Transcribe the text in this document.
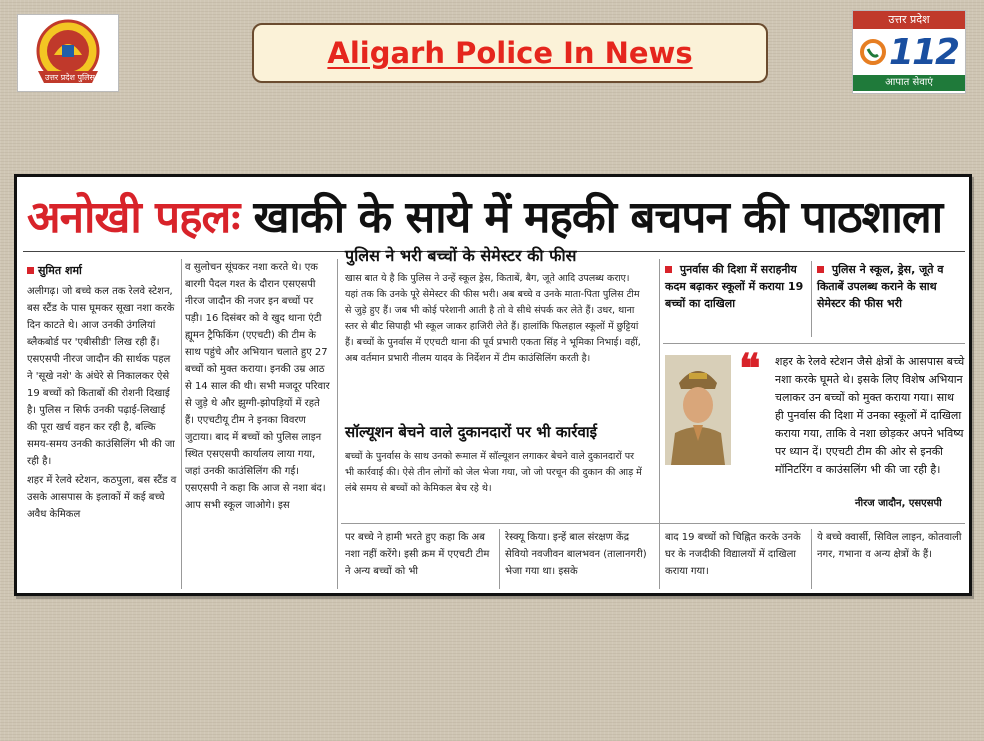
उत्तर प्रदेश पुलिस
Aligarh Police In News
उत्तर प्रदेश
112
आपात सेवाएं
अनोखी पहलः खाकी के साये में महकी बचपन की पाठशाला
सुमित शर्मा

अलीगढ़। जो बच्चे कल तक रेलवे स्टेशन, बस स्टैंड के पास घूमकर सूखा नशा करके दिन काटते थे। आज उनकी उंगलियां ब्लैकबोर्ड पर 'एबीसीडी' लिख रही हैं। एसएसपी नीरज जादौन की सार्थक पहल ने 'सूखे नशे' के अंधेरे से निकालकर ऐसे 19 बच्चों को किताबों की रोशनी दिखाई है। पुलिस न सिर्फ उनकी पढ़ाई-लिखाई की पूरा खर्च वहन कर रही है, बल्कि समय-समय उनकी काउंसिलिंग भी की जा रही है।

शहर में रेलवे स्टेशन, कठपुला, बस स्टैंड व उसके आसपास के इलाकों में कई बच्चे अवैध केमिकल

व सुलोचन सूंघकर नशा करते थे। एक बारगी पैदल गश्त के दौरान एसएसपी नीरज जादौन की नजर इन बच्चों पर पड़ी। 16 दिसंबर को वे खुद थाना एंटी ह्यूमन ट्रैफिकिंग (एएचटी) की टीम के साथ पहुंचे और अभियान चलाते हुए 27 बच्चों को मुक्त कराया। इनकी उम्र आठ से 14 साल की थी। सभी मजदूर परिवार से जुड़े थे और झुग्गी-झोपड़ियों में रहते हैं। एएचटीयू टीम ने इनका विवरण जुटाया। बाद में बच्चों को पुलिस लाइन स्थित एसएसपी कार्यालय लाया गया, जहां उनकी काउंसिलिंग की गई। एसएसपी ने कहा कि आज से नशा बंद। आप सभी स्कूल जाओगे। इस

पुलिस ने भरी बच्चों के सेमेस्टर की फीस

खास बात ये है कि पुलिस ने उन्हें स्कूल ड्रेस, किताबें, बैग, जूते आदि उपलब्ध कराए। यहां तक कि उनके पूरे सेमेस्टर की फीस भरी। अब बच्चे व उनके माता-पिता पुलिस टीम से जुड़े हुए हैं। जब भी कोई परेशानी आती है तो वे सीधे संपर्क कर लेते हैं। उधर, थाना स्तर से बीट सिपाही भी स्कूल जाकर हाजिरी लेते हैं। हालांकि फिलहाल स्कूलों में छुट्टियां हैं। बच्चों के पुनर्वास में एएचटी थाना की पूर्व प्रभारी एकता सिंह ने भूमिका निभाई। वहीं, अब वर्तमान प्रभारी नीलम यादव के निर्देशन में टीम काउंसिलिंग करती है।

सॉल्यूशन बेचने वाले दुकानदारों पर भी कार्रवाई

बच्चों के पुनर्वास के साथ उनको रूमाल में सॉल्यूशन लगाकर बेचने वाले दुकानदारों पर भी कार्रवाई की। ऐसे तीन लोगों को जेल भेजा गया, जो जो परचून की दुकान की आड़ में लंबे समय से बच्चों को केमिकल बेच रहे थे।

पुनर्वास की दिशा में सराहनीय कदम बढ़ाकर स्कूलों में कराया 19 बच्चों का दाखिला
पुलिस ने स्कूल, ड्रेस, जूते व किताबें उपलब्ध कराने के साथ सेमेस्टर की फीस भरी
❝ शहर के रेलवे स्टेशन जैसे क्षेत्रों के आसपास बच्चे नशा करके घूमते थे। इसके लिए विशेष अभियान चलाकर उन बच्चों को मुक्त कराया गया। साथ ही पुनर्वास की दिशा में उनका स्कूलों में दाखिला कराया गया, ताकि वे नशा छोड़कर अपने भविष्य पर ध्यान दें। एएचटी टीम की ओर से इनकी मॉनिटरिंग व काउंसलिंग भी की जा रही है।

नीरज जादौन, एसएसपी

पर बच्चे ने हामी भरते हुए कहा कि अब नशा नहीं करेंगे। इसी क्रम में एएचटी टीम ने अन्य बच्चों को भी

रेस्क्यू किया। इन्हें बाल संरक्षण केंद्र सेवियो नवजीवन बालभवन (तालानगरी) भेजा गया था। इसके

बाद 19 बच्चों को चिह्नित करके उनके घर के नजदीकी विद्यालयों में दाखिला कराया गया।

ये बच्चे क्वार्सी, सिविल लाइन, कोतवाली नगर, गभाना व अन्य क्षेत्रों के हैं।
